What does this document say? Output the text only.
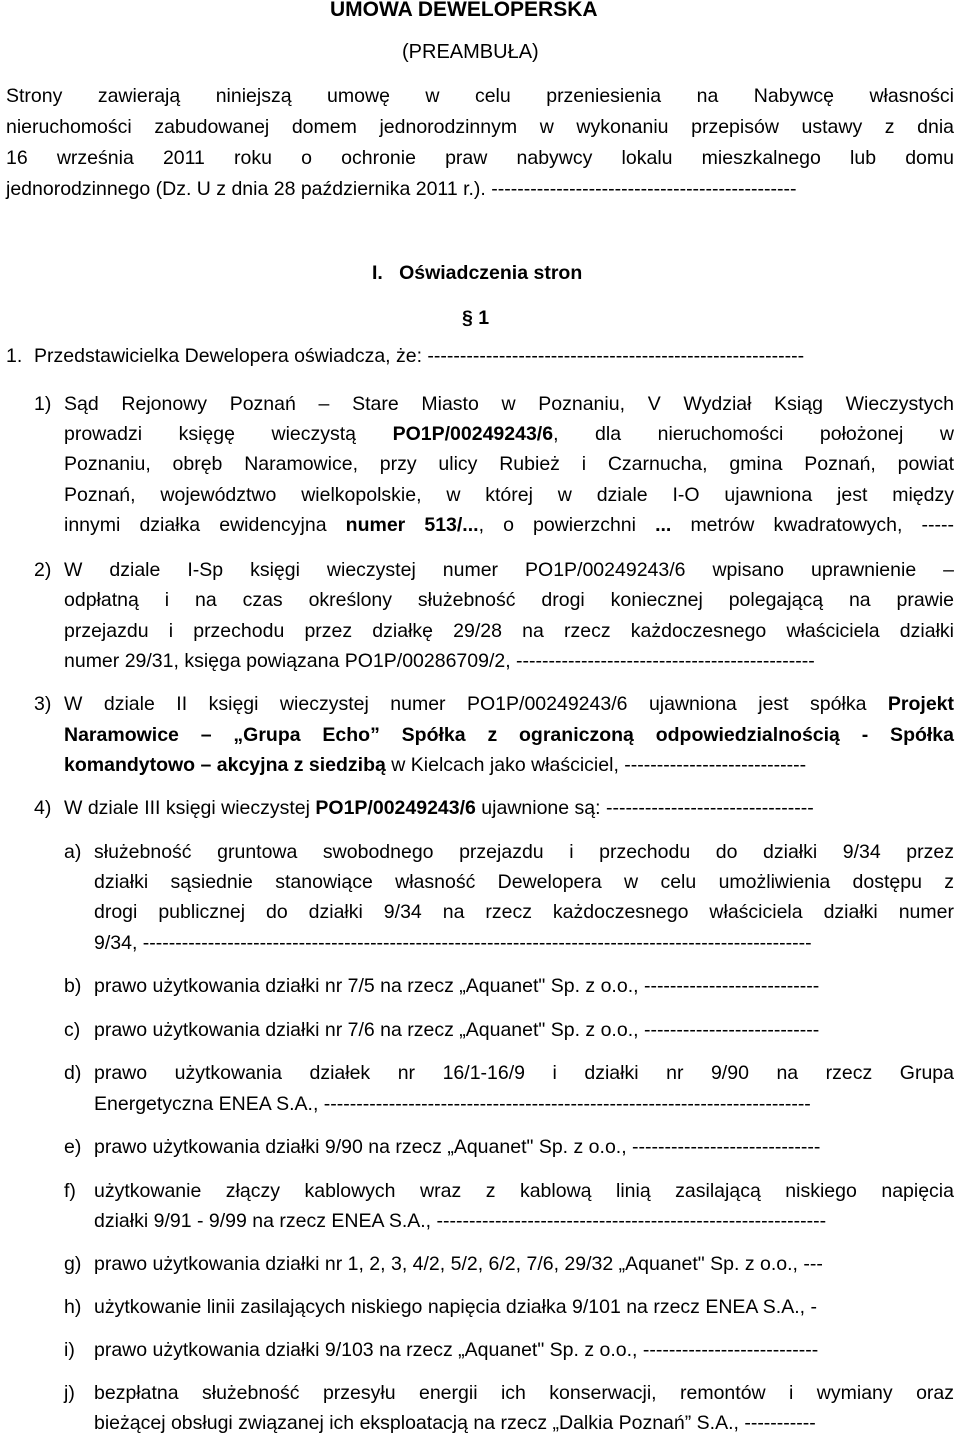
UMOWA DEWELOPERSKA
(PREAMBUŁA)
Strony zawierają niniejszą umowę w celu przeniesienia na Nabywcę własności
nieruchomości zabudowanej domem jednorodzinnym w wykonaniu przepisów ustawy z dnia
16 września 2011 roku o ochronie praw nabywcy lokalu mieszkalnego lub domu
jednorodzinnego (Dz. U z dnia 28 października 2011 r.). -----------------------------------------------
I.   Oświadczenia stron
§ 1
1. Przedstawicielka Dewelopera oświadcza, że: ----------------------------------------------------------
1) Sąd Rejonowy Poznań – Stare Miasto w Poznaniu, V Wydział Ksiąg Wieczystych
prowadzi księgę wieczystą PO1P/00249243/6, dla nieruchomości położonej w
Poznaniu, obręb Naramowice, przy ulicy Rubież i Czarnucha, gmina Poznań, powiat
Poznań, województwo wielkopolskie, w której w dziale I-O ujawniona jest między
innymi działka ewidencyjna numer 513/..., o powierzchni ... metrów kwadratowych, -----
2) W dziale I-Sp księgi wieczystej numer PO1P/00249243/6 wpisano uprawnienie –
odpłatną i na czas określony służebność drogi koniecznej polegającą na prawie
przejazdu i przechodu przez działkę 29/28 na rzecz każdoczesnego właściciela działki
numer 29/31, księga powiązana PO1P/00286709/2, ----------------------------------------------
3) W dziale II księgi wieczystej numer PO1P/00249243/6 ujawniona jest spółka Projekt
Naramowice – „Grupa Echo” Spółka z ograniczoną odpowiedzialnością - Spółka
komandytowo – akcyjna z siedzibą w Kielcach jako właściciel, ----------------------------
4) W dziale III księgi wieczystej PO1P/00249243/6 ujawnione są: --------------------------------
a) służebność gruntowa swobodnego przejazdu i przechodu do działki 9/34 przez
działki sąsiednie stanowiące własność Dewelopera w celu umożliwienia dostępu z
drogi publicznej do działki 9/34 na rzecz każdoczesnego właściciela działki numer
9/34, -------------------------------------------------------------------------------------------------------
b) prawo użytkowania działki nr 7/5 na rzecz „Aquanet" Sp. z o.o., ---------------------------
c) prawo użytkowania działki nr 7/6 na rzecz „Aquanet" Sp. z o.o., ---------------------------
d) prawo użytkowania działek nr 16/1-16/9 i działki nr 9/90 na rzecz Grupa
Energetyczna ENEA S.A., ---------------------------------------------------------------------------
e) prawo użytkowania działki 9/90 na rzecz „Aquanet" Sp. z o.o., -----------------------------
f) użytkowanie złączy kablowych wraz z kablową linią zasilającą niskiego napięcia
działki 9/91 - 9/99 na rzecz ENEA S.A., ------------------------------------------------------------
g) prawo użytkowania działki nr 1, 2, 3, 4/2, 5/2, 6/2, 7/6, 29/32 „Aquanet" Sp. z o.o., ---
h) użytkowanie linii zasilających niskiego napięcia działka 9/101 na rzecz ENEA S.A., -
i) prawo użytkowania działki 9/103 na rzecz „Aquanet" Sp. z o.o., ---------------------------
j) bezpłatna służebność przesyłu energii ich konserwacji, remontów i wymiany oraz
bieżącej obsługi związanej ich eksploatacją na rzecz „Dalkia Poznań” S.A., -----------
